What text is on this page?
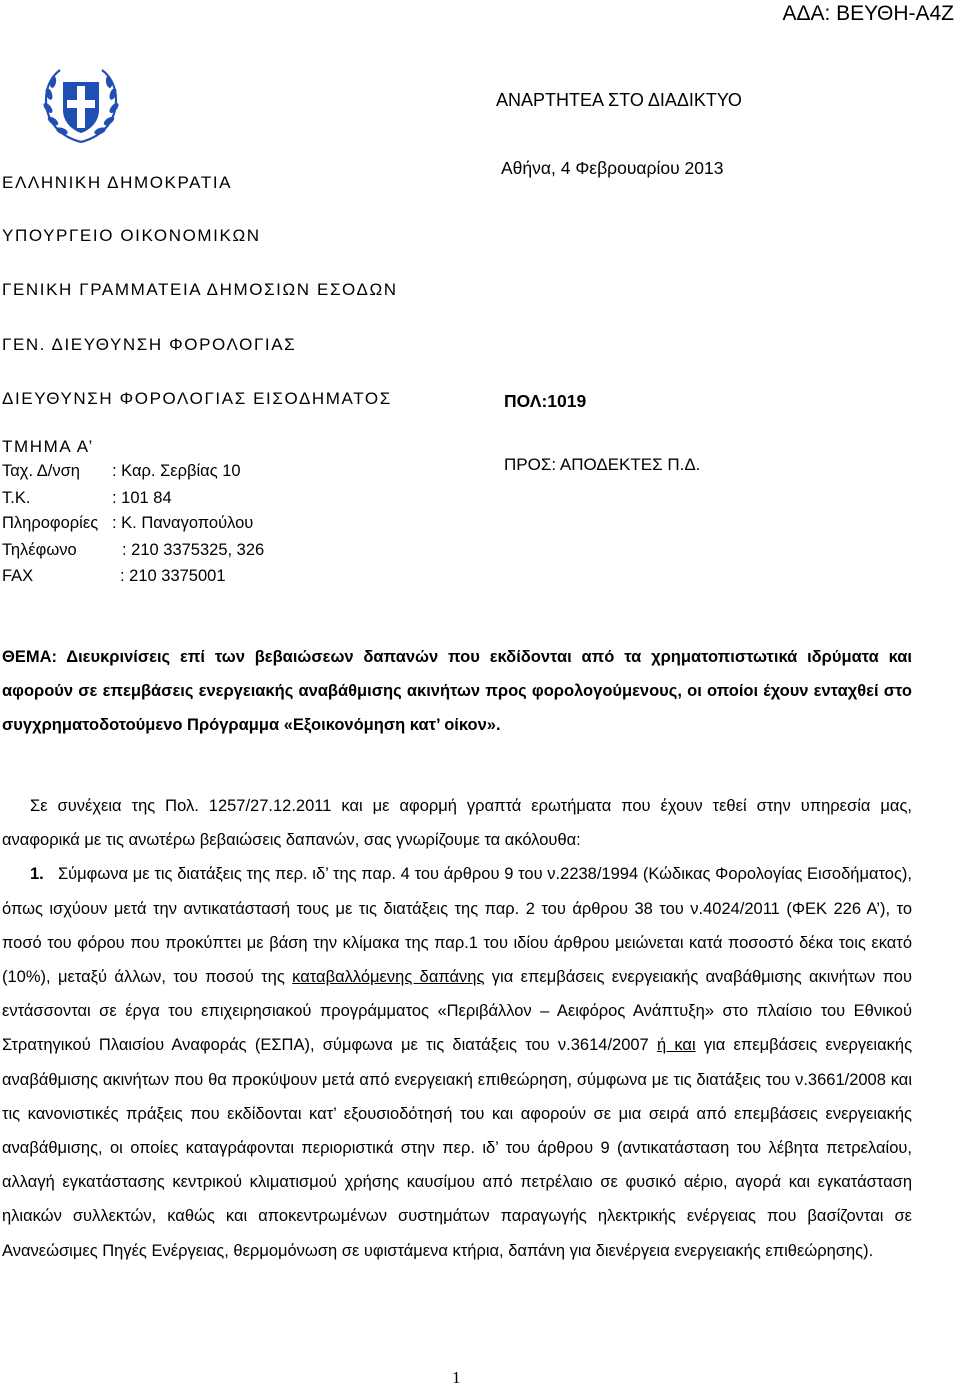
ΑΔΑ: ΒΕΥΘΗ-Α4Ζ
ΑΝΑΡΤΗΤΕΑ ΣΤΟ ΔΙΑΔΙΚΤΥΟ
Αθήνα, 4 Φεβρουαρίου 2013
ΕΛΛΗΝΙΚΗ ΔΗΜΟΚΡΑΤΙΑ
ΥΠΟΥΡΓΕΙΟ ΟΙΚΟΝΟΜΙΚΩΝ
ΓΕΝΙΚΗ ΓΡΑΜΜΑΤΕΙΑ ΔΗΜΟΣΙΩΝ ΕΣΟΔΩΝ
ΓΕΝ. ΔΙΕΥΘΥΝΣΗ ΦΟΡΟΛΟΓΙΑΣ
ΔΙΕΥΘΥΝΣΗ ΦΟΡΟΛΟΓΙΑΣ ΕΙΣΟΔΗΜΑΤΟΣ
ΤΜΗΜΑ Α’
ΠΟΛ:1019
ΠΡΟΣ: ΑΠΟΔΕΚΤΕΣ Π.Δ.
Ταχ. Δ/νση : Καρ. Σερβίας 10
Τ.Κ.	: 101 84
Πληροφορίες : Κ. Παναγοπούλου
Τηλέφωνο	: 210 3375325, 326
FAX	: 210 3375001
ΘΕΜΑ: Διευκρινίσεις επί των βεβαιώσεων δαπανών που εκδίδονται από τα χρηματοπιστωτικά ιδρύματα και αφορούν σε επεμβάσεις ενεργειακής αναβάθμισης ακινήτων προς φορολογούμενους, οι οποίοι έχουν ενταχθεί στο συγχρηματοδοτούμενο Πρόγραμμα «Εξοικονόμηση κατ’ οίκον».

Σε συνέχεια της Πολ. 1257/27.12.2011 και με αφορμή γραπτά ερωτήματα που έχουν τεθεί στην υπηρεσία μας, αναφορικά με τις ανωτέρω βεβαιώσεις δαπανών, σας γνωρίζουμε τα ακόλουθα:

1. Σύμφωνα με τις διατάξεις της περ. ιδ’ της παρ. 4 του άρθρου 9 του ν.2238/1994 (Κώδικας Φορολογίας Εισοδήματος), όπως ισχύουν μετά την αντικατάστασή τους με τις διατάξεις της παρ. 2 του άρθρου 38 του ν.4024/2011 (ΦΕΚ 226 Α’), το ποσό του φόρου που προκύπτει με βάση την κλίμακα της παρ.1 του ιδίου άρθρου μειώνεται κατά ποσοστό δέκα τοις εκατό (10%), μεταξύ άλλων, του ποσού της καταβαλλόμενης δαπάνης για επεμβάσεις ενεργειακής αναβάθμισης ακινήτων που εντάσσονται σε έργα του επιχειρησιακού προγράμματος «Περιβάλλον – Αειφόρος Ανάπτυξη» στο πλαίσιο του Εθνικού Στρατηγικού Πλαισίου Αναφοράς (ΕΣΠΑ), σύμφωνα με τις διατάξεις του ν.3614/2007 ή και για επεμβάσεις ενεργειακής αναβάθμισης ακινήτων που θα προκύψουν μετά από ενεργειακή επιθεώρηση, σύμφωνα με τις διατάξεις του ν.3661/2008 και τις κανονιστικές πράξεις που εκδίδονται κατ’ εξουσιοδότησή του και αφορούν σε μια σειρά από επεμβάσεις ενεργειακής αναβάθμισης, οι οποίες καταγράφονται περιοριστικά στην περ. ιδ’ του άρθρου 9 (αντικατάσταση του λέβητα πετρελαίου, αλλαγή εγκατάστασης κεντρικού κλιματισμού χρήσης καυσίμου από πετρέλαιο σε φυσικό αέριο, αγορά και εγκατάσταση ηλιακών συλλεκτών, καθώς και αποκεντρωμένων συστημάτων παραγωγής ηλεκτρικής ενέργειας που βασίζονται σε Ανανεώσιμες Πηγές Ενέργειας, θερμομόνωση σε υφιστάμενα κτήρια, δαπάνη για διενέργεια ενεργειακής επιθεώρησης).

1
